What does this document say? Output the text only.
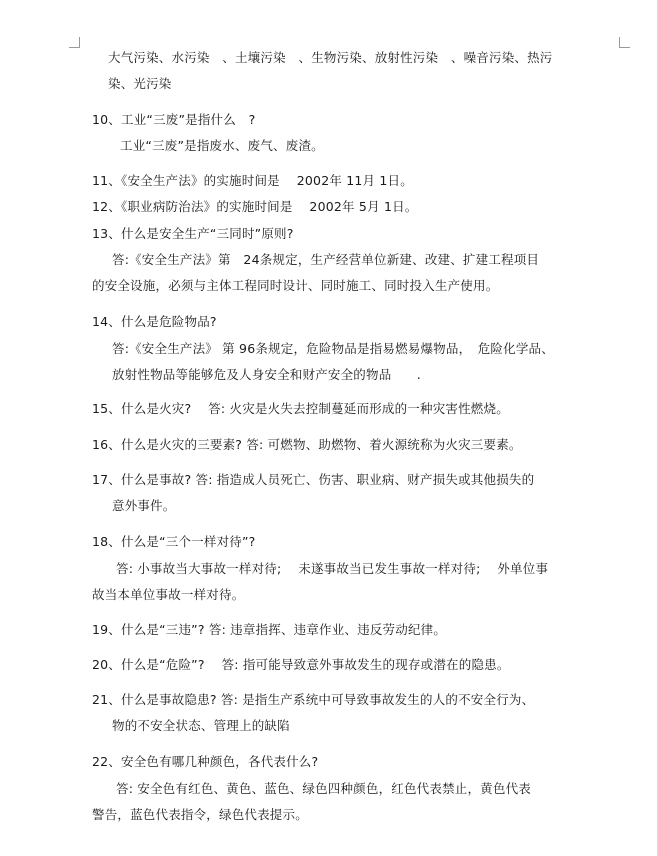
大气污染、水污染　、土壤污染　、生物污染、放射性污染　、噪音污染、热污
染、光污染
10、工业“三废”是指什么　?
工业“三废”是指废水、废气、废渣。
11、《安全生产法》的实施时间是　 2002年 11月 1日。
12、《职业病防治法》的实施时间是　 2002年 5月 1日。
13、什么是安全生产“三同时”原则?
答:《安全生产法》第　24条规定，生产经营单位新建、改建、扩建工程项目
的安全设施，必须与主体工程同时设计、同时施工、同时投入生产使用。
14、什么是危险物品?
答:《安全生产法》 第 96条规定，危险物品是指易燃易爆物品，　危险化学品、
放射性物品等能够危及人身安全和财产安全的物品　　.
15、什么是火灾?　 答: 火灾是火失去控制蔓延而形成的一种灾害性燃烧。
16、什么是火灾的三要素? 答: 可燃物、助燃物、着火源统称为火灾三要素。
17、什么是事故? 答: 指造成人员死亡、伤害、职业病、财产损失或其他损失的
意外事件。
18、什么是“三个一样对待”?
答: 小事故当大事故一样对待;　 未遂事故当已发生事故一样对待;　 外单位事
故当本单位事故一样对待。
19、什么是“三违”? 答: 违章指挥、违章作业、违反劳动纪律。
20、什么是“危险”?　 答: 指可能导致意外事故发生的现存或潜在的隐患。
21、什么是事故隐患? 答: 是指生产系统中可导致事故发生的人的不安全行为、
物的不安全状态、管理上的缺陷
22、安全色有哪几种颜色，各代表什么?
答: 安全色有红色、黄色、蓝色、绿色四种颜色，红色代表禁止，黄色代表
警告，蓝色代表指令，绿色代表提示。
